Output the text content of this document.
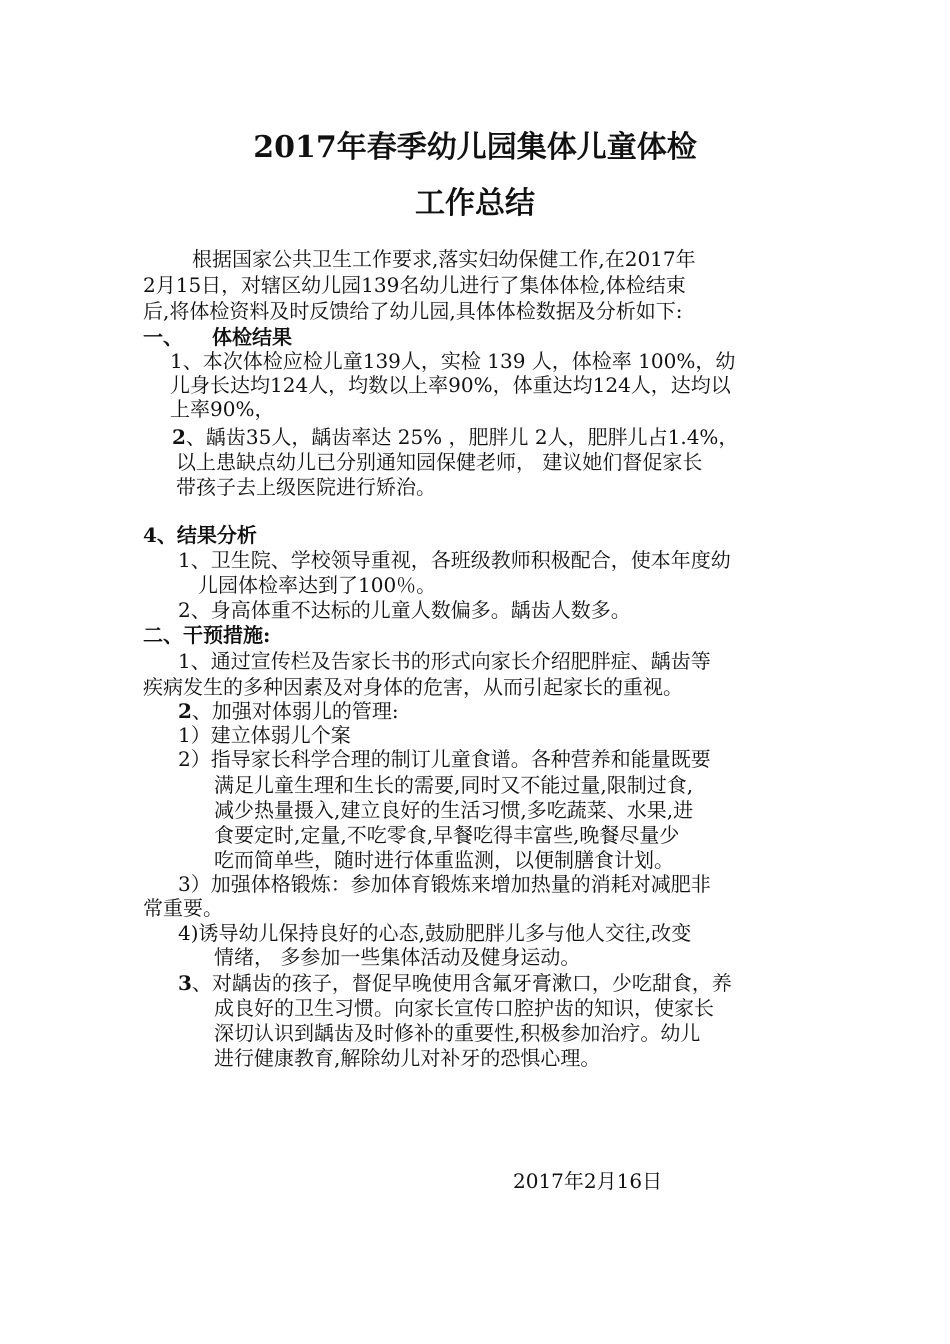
2017年春季幼儿园集体儿童体检
工作总结
根据国家公共卫生工作要求,落实妇幼保健工作,在2017年
2月15日，对辖区幼儿园139名幼儿进行了集体体检,体检结束
后,将体检资料及时反馈给了幼儿园,具体体检数据及分析如下:
一、 体检结果
1、本次体检应检儿童139人，实检 139 人，体检率 100%，幼
儿身长达均124人，均数以上率90%，体重达均124人，达均以
上率90%，
2、龋齿35人，龋齿率达 25% ，肥胖儿 2人，肥胖儿占1.4%，
以上患缺点幼儿已分别通知园保健老师， 建议她们督促家长
带孩子去上级医院进行矫治。
4、结果分析
1、卫生院、学校领导重视，各班级教师积极配合，使本年度幼
儿园体检率达到了100％。
2、身高体重不达标的儿童人数偏多。龋齿人数多。
二、干预措施:
1、通过宣传栏及告家长书的形式向家长介绍肥胖症、龋齿等
疾病发生的多种因素及对身体的危害，从而引起家长的重视。
2、加强对体弱儿的管理:
1）建立体弱儿个案
2）指导家长科学合理的制订儿童食谱。各种营养和能量既要
满足儿童生理和生长的需要,同时又不能过量,限制过食,
减少热量摄入,建立良好的生活习惯,多吃蔬菜、水果,进
食要定时,定量,不吃零食,早餐吃得丰富些,晚餐尽量少
吃而简单些，随时进行体重监测，以便制膳食计划。
3）加强体格锻炼：参加体育锻炼来增加热量的消耗对减肥非
常重要。
4)诱导幼儿保持良好的心态,鼓励肥胖儿多与他人交往,改变
情绪， 多参加一些集体活动及健身运动。
3、对龋齿的孩子，督促早晚使用含氟牙膏漱口，少吃甜食，养
成良好的卫生习惯。向家长宣传口腔护齿的知识，使家长
深切认识到龋齿及时修补的重要性,积极参加治疗。幼儿
进行健康教育,解除幼儿对补牙的恐惧心理。
2017年2月16日
